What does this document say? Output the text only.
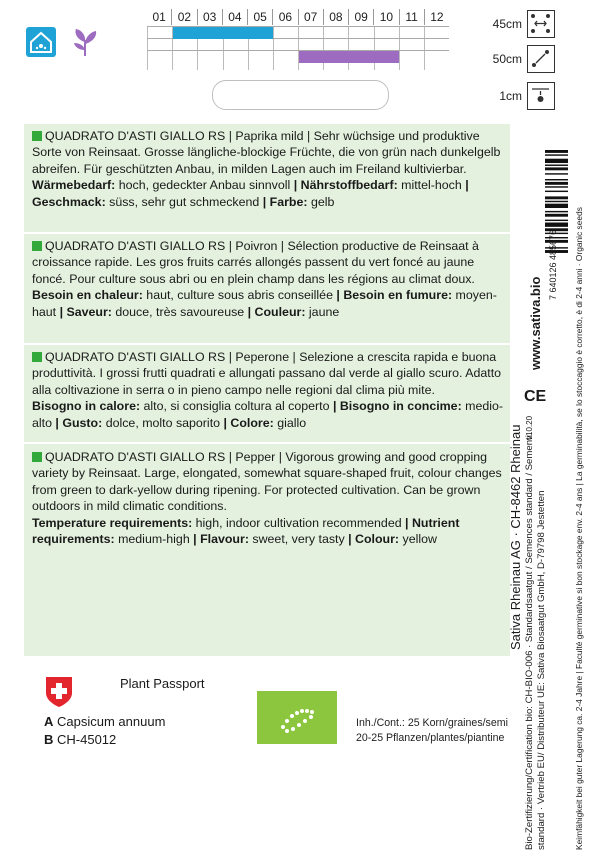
01 02 03 04 05 06 07 08 09 10	11	12	45cm
50cm
1cm

QUADRATO D'ASTI GIALLO RS | Paprika mild | Sehr wüchsige und produktive Sorte von Reinsaat. Grosse längliche-blockige Früchte, die von grün nach dunkelgelb abreifen. Für geschützten Anbau, in milden Lagen auch im Freiland kultivierbar.

Wärmebedarf: hoch, gedeckter Anbau sinnvoll | Nährstoffbedarf: mittel-hoch | Geschmack: süss, sehr gut schmeckend | Farbe: gelb

QUADRATO D'ASTI GIALLO RS | Poivron | Sélection productive de Reinsaat à croissance rapide. Les gros fruits carrés allongés passent du vert foncé au jaune foncé. Pour culture sous abri ou en plein champ dans les régions au climat doux.

Besoin en chaleur: haut, culture sous abris conseillée | Besoin en fumure: moyen-haut | Saveur: douce, très savoureuse | Couleur: jaune

QUADRATO D'ASTI GIALLO RS | Peperone | Selezione a crescita rapida e buona produttività. I grossi frutti quadrati e allungati passano dal verde al giallo scuro. Adatto alla coltivazione in serra o in pieno campo nelle regioni dal clima più mite.

Bisogno in calore: alto, si consiglia coltura al coperto | Bisogno in concime: medio-alto | Gusto: dolce, molto saporito | Colore: giallo

QUADRATO D'ASTI GIALLO RS | Pepper | Vigorous growing and good cropping variety by Reinsaat. Large, elongated, somewhat square-shaped fruit, colour changes from green to dark-yellow during ripening. For protected cultivation. Can be grown outdoors in mild climatic conditions.

Temperature requirements: high, indoor cultivation recommended | Nutrient requirements: medium-high | Flavour: sweet, very tasty | Colour: yellow	Sativa Rheinau AG · CH-8462 Rheinau
www.sativa.bio
Bio-Zertifizierung/Certification bio: CH-BIO-006 · Standardsaatgut / Semences standard / Sementi standard · Vertrieb EU/ Distributeur UE: Sativa Biosaatgut GmbH, D-79798 Jestetten	Keimfähigkeit bei guter Lagerung ca. 2-4 Jahre | Faculté germinative si bon stockage env. 2-4 ans | La germinabilità, se lo stoccaggio è corretto, è di 2-4 anni · Organic seeds
7 640126 485676
CE
v10.20
Plant Passport
A Capsicum annuum
B CH-45012
Inh./Cont.: 25 Korn/graines/semi
20-25 Pflanzen/plantes/piantine
